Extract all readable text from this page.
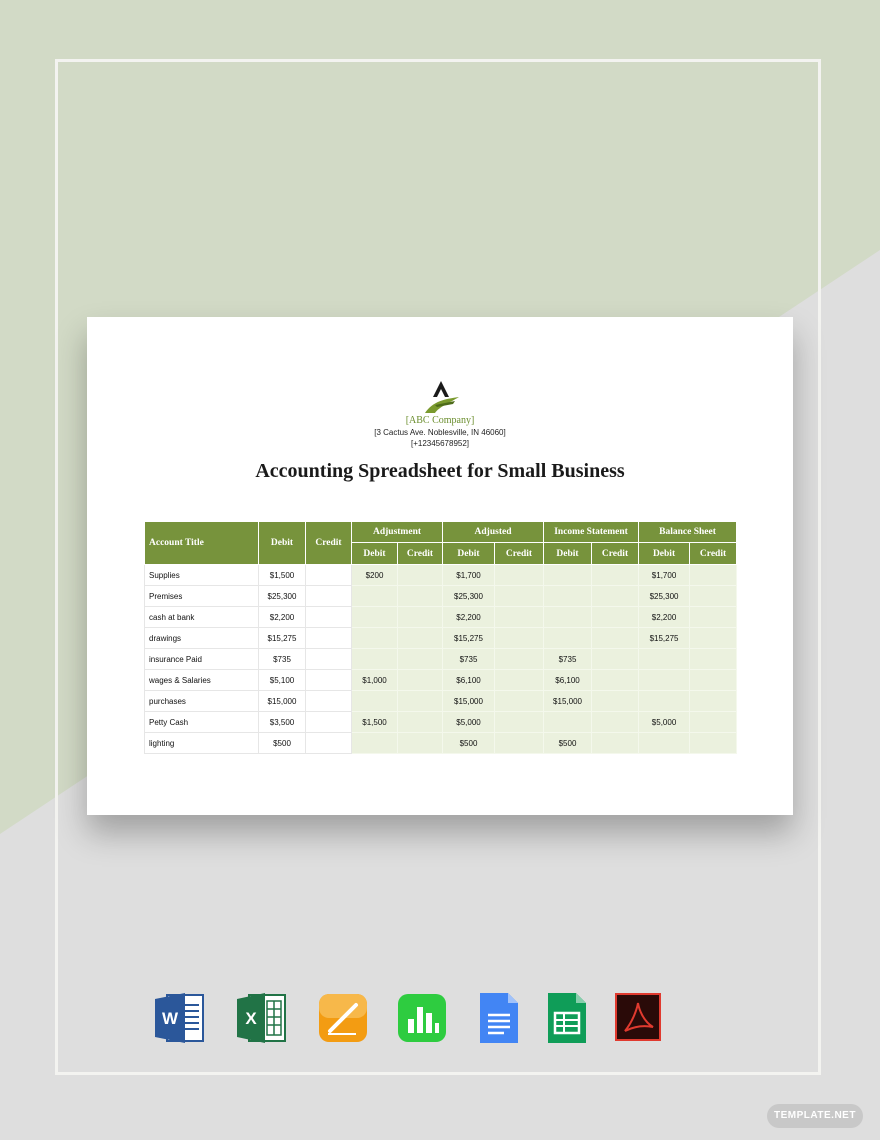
[ABC Company]
[3 Cactus Ave. Noblesville, IN 46060]
[+12345678952]
Accounting Spreadsheet for Small Business
Account Title	Debit	Credit	Adjustment		Adjusted		Income Statement		Balance Sheet	
			Debit	Credit	Debit	Credit	Debit	Credit	Debit	Credit
Supplies	$1,500		$200		$1,700				$1,700	
Premises	$25,300				$25,300				$25,300	
cash at bank	$2,200				$2,200				$2,200	
drawings	$15,275				$15,275				$15,275	
insurance Paid	$735				$735		$735			
wages & Salaries	$5,100		$1,000		$6,100		$6,100			
purchases	$15,000				$15,000		$15,000			
Petty Cash	$3,500		$1,500		$5,000				$5,000	
lighting	$500				$500		$500			
W	X
TEMPLATE.NET
